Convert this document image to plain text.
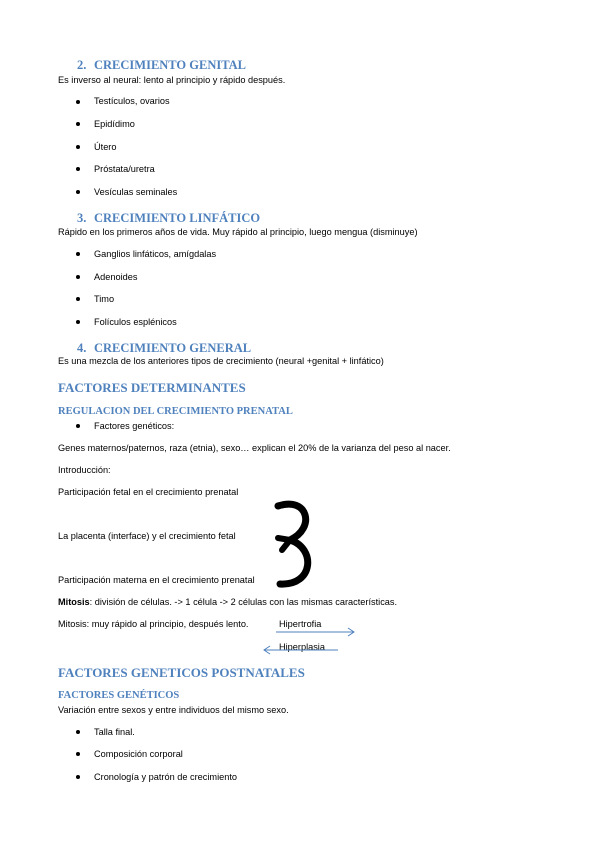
2. CRECIMIENTO GENITAL
Es inverso al neural: lento al principio y rápido después.
Testículos, ovarios
Epidídimo
Útero
Próstata/uretra
Vesículas seminales
3. CRECIMIENTO LINFÁTICO
Rápido en los primeros años de vida. Muy rápido al principio, luego mengua (disminuye)
Ganglios linfáticos, amígdalas
Adenoides
Timo
Folículos esplénicos
4. CRECIMIENTO GENERAL
Es una mezcla de los anteriores tipos de crecimiento (neural +genital + linfático)
FACTORES DETERMINANTES
REGULACION DEL CRECIMIENTO PRENATAL
Factores genéticos:
Genes maternos/paternos, raza (etnia), sexo… explican el 20% de la varianza del peso al nacer.
Introducción:
Participación fetal en el crecimiento prenatal
La placenta (interface) y el crecimiento fetal
Participación materna en el crecimiento prenatal
Mitosis: división de células. -> 1 célula -> 2 células con las mismas características.
Mitosis: muy rápido al principio, después lento.	Hipertrofia
Hiperplasia
FACTORES GENETICOS POSTNATALES
FACTORES GENÉTICOS
Variación entre sexos y entre individuos del mismo sexo.
Talla final.
Composición corporal
Cronología y patrón de crecimiento
